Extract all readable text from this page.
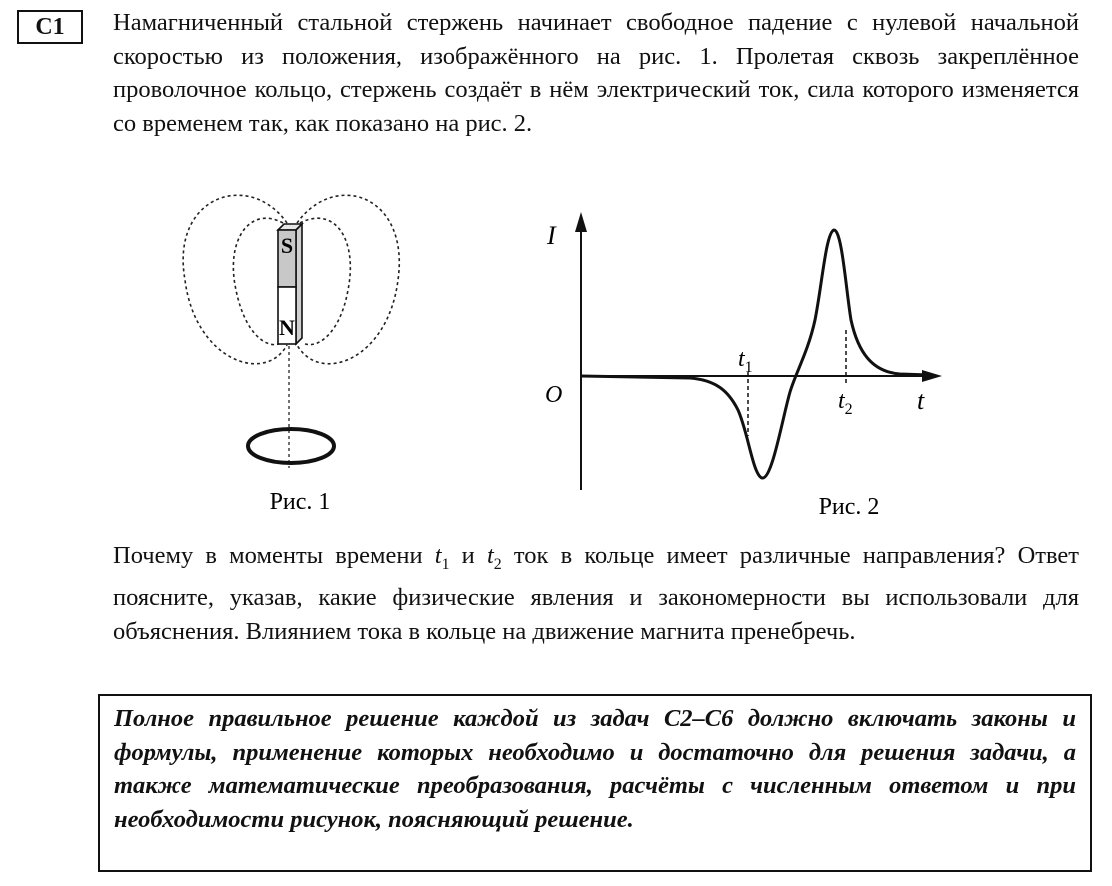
С1	Намагниченный стальной стержень начинает свободное падение с нулевой начальной скоростью из положения, изображённого на рис. 1. Пролетая сквозь закреплённое проволочное кольцо, стержень создаёт в нём электрический ток, сила которого изменяется со временем так, как показано на рис. 2.

S
N
Рис. 1
I
O	t
$t_1$
$t_2$
Рис. 2

Почему в моменты времени $t_1$ и $t_2$ ток в кольце имеет различные направления? Ответ поясните, указав, какие физические явления и закономерности вы использовали для объяснения. Влиянием тока в кольце на движение магнита пренебречь.

Полное правильное решение каждой из задач С2–С6 должно включать законы и формулы, применение которых необходимо и достаточно для решения задачи, а также математические преобразования, расчёты с численным ответом и при необходимости рисунок, поясняющий решение.
